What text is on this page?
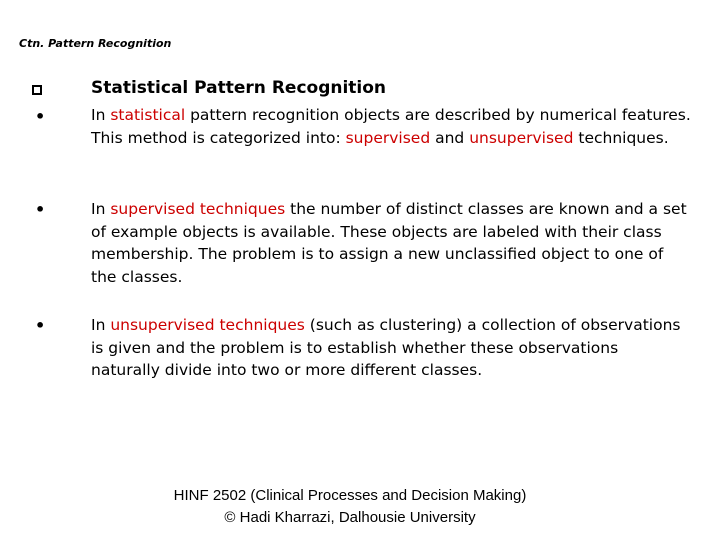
Ctn. Pattern Recognition
Statistical Pattern Recognition
•	In statistical pattern recognition objects are described by numerical features. This method is categorized into: supervised and unsupervised techniques.
•	In supervised techniques the number of distinct classes are known and a set of example objects is available. These objects are labeled with their class membership. The problem is to assign a new unclassified object to one of the classes.
•	In unsupervised techniques (such as clustering) a collection of observations is given and the problem is to establish whether these observations naturally divide into two or more different classes.
HINF 2502 (Clinical Processes and Decision Making)
© Hadi Kharrazi, Dalhousie University
